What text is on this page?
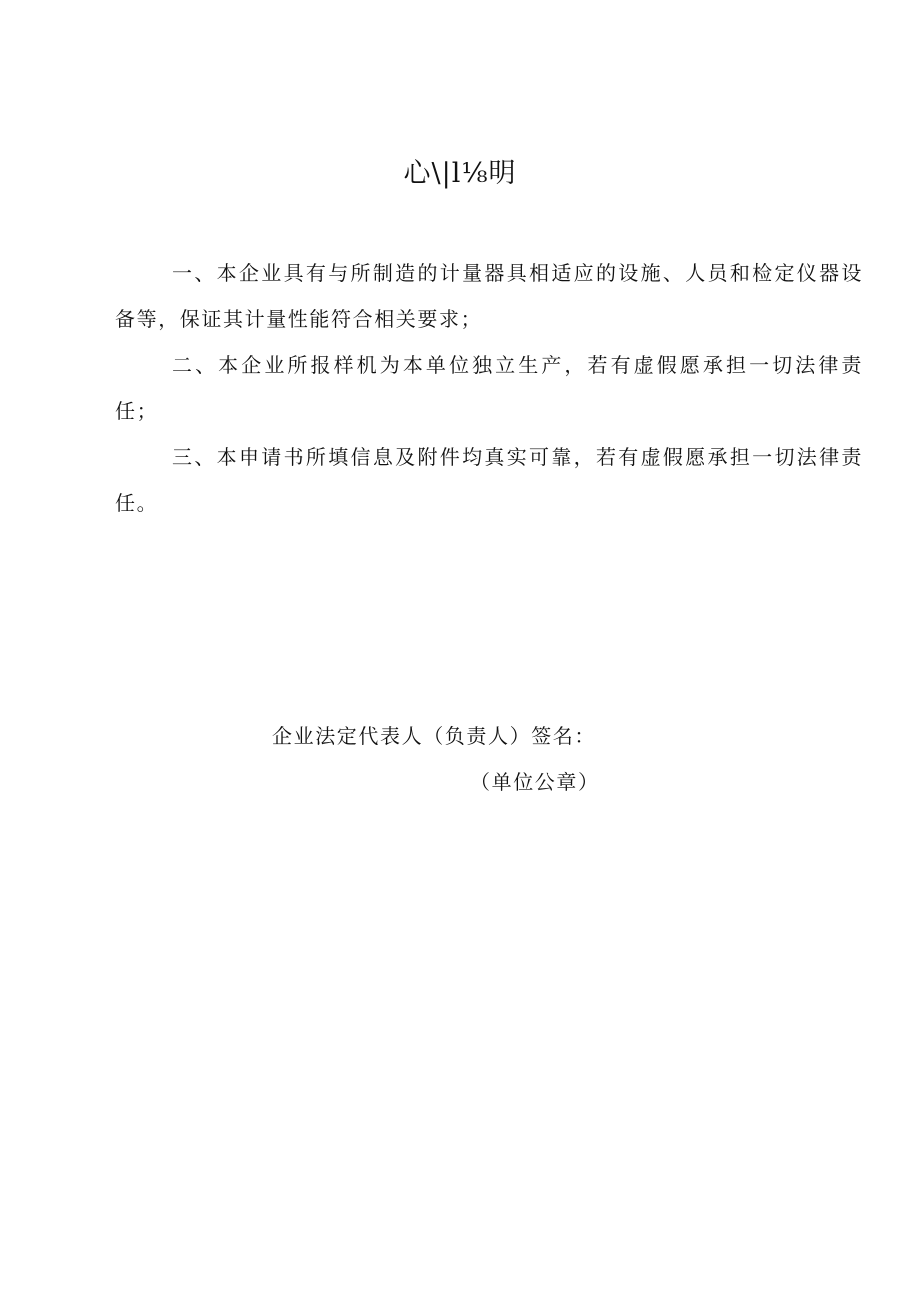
心\|l⅛明

一、本企业具有与所制造的计量器具相适应的设施、人员和检定仪器设备等，保证其计量性能符合相关要求；

二、本企业所报样机为本单位独立生产，若有虚假愿承担一切法律责任；

三、本申请书所填信息及附件均真实可靠，若有虚假愿承担一切法律责任。

企业法定代表人（负责人）签名：
（单位公章）
